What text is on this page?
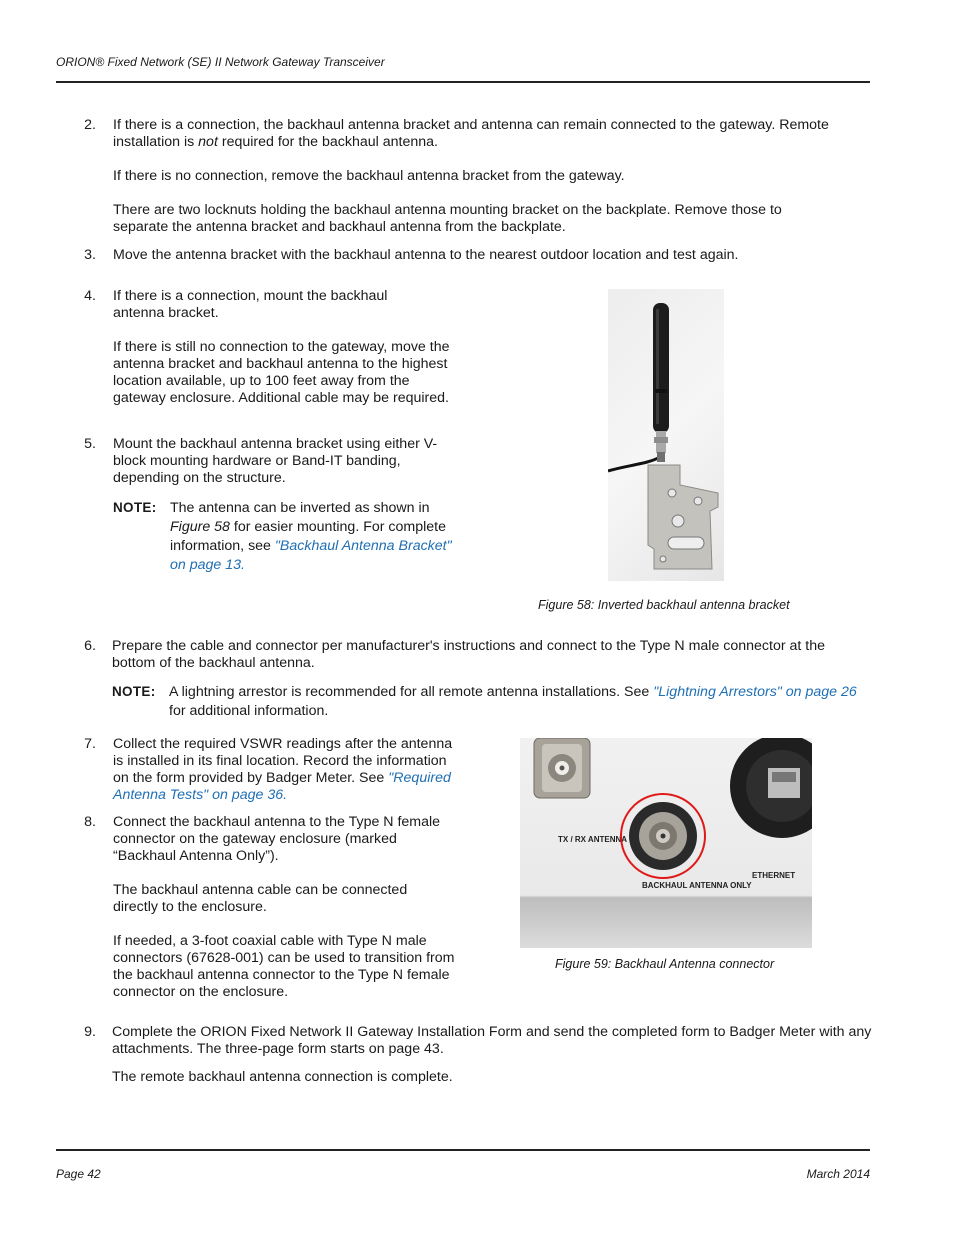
ORION® Fixed Network (SE) II Network Gateway Transceiver
2. If there is a connection, the backhaul antenna bracket and antenna can remain connected to the gateway. Remote installation is not required for the backhaul antenna.

If there is no connection, remove the backhaul antenna bracket from the gateway.

There are two locknuts holding the backhaul antenna mounting bracket on the backplate. Remove those to separate the antenna bracket and backhaul antenna from the backplate.

3. Move the antenna bracket with the backhaul antenna to the nearest outdoor location and test again.
4. If there is a connection, mount the backhaul antenna bracket.

If there is still no connection to the gateway, move the antenna bracket and backhaul antenna to the highest location available, up to 100 feet away from the gateway enclosure. Additional cable may be required.

5. Mount the backhaul antenna bracket using either V-block mounting hardware or Band-IT banding, depending on the structure.
NOTE: The antenna can be inverted as shown in Figure 58 for easier mounting. For complete information, see "Backhaul Antenna Bracket" on page 13.
Figure 58: Inverted backhaul antenna bracket
6. Prepare the cable and connector per manufacturer's instructions and connect to the Type N male connector at the bottom of the backhaul antenna.
NOTE: A lightning arrestor is recommended for all remote antenna installations. See "Lightning Arrestors" on page 26 for additional information.
7. Collect the required VSWR readings after the antenna is installed in its final location. Record the information on the form provided by Badger Meter. See "Required Antenna Tests" on page 36.
8. Connect the backhaul antenna to the Type N female connector on the gateway enclosure (marked “Backhaul Antenna Only”).

The backhaul antenna cable can be connected directly to the enclosure.

If needed, a 3-foot coaxial cable with Type N male connectors (67628-001) can be used to transition from the backhaul antenna connector to the Type N female connector on the enclosure.

TX / RX ANTENNA
BACKHAUL ANTENNA ONLY
ETHERNET
Figure 59: Backhaul Antenna connector
9. Complete the ORION Fixed Network II Gateway Installation Form and send the completed form to Badger Meter with any attachments. The three-page form starts on page 43.
The remote backhaul antenna connection is complete.
Page 42	March 2014
